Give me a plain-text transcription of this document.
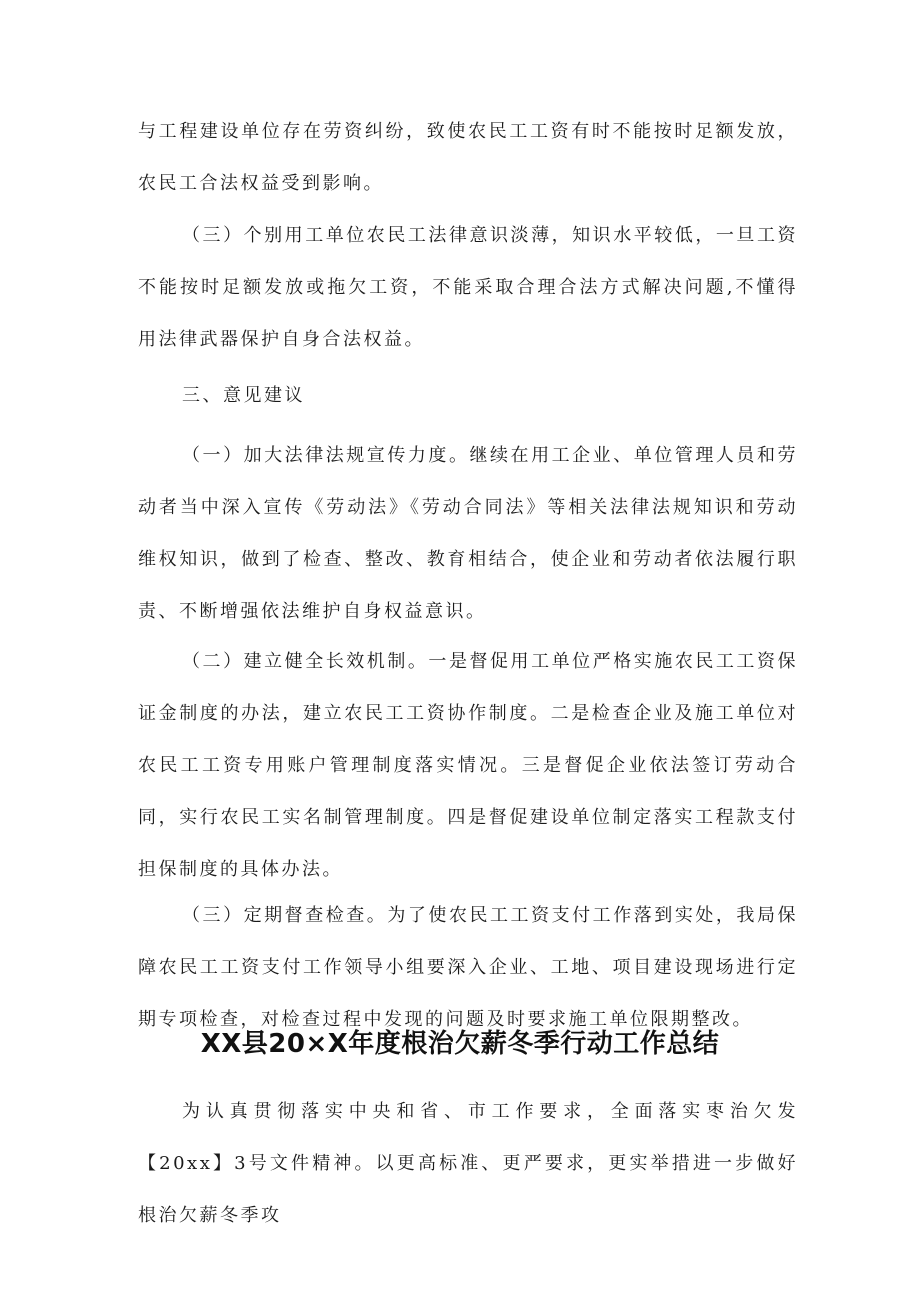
与工程建设单位存在劳资纠纷，致使农民工工资有时不能按时足额发放，农民工合法权益受到影响。

（三）个别用工单位农民工法律意识淡薄，知识水平较低，一旦工资不能按时足额发放或拖欠工资，不能采取合理合法方式解决问题,不懂得用法律武器保护自身合法权益。

三、意见建议

（一）加大法律法规宣传力度。继续在用工企业、单位管理人员和劳动者当中深入宣传《劳动法》《劳动合同法》等相关法律法规知识和劳动维权知识，做到了检查、整改、教育相结合，使企业和劳动者依法履行职责、不断增强依法维护自身权益意识。

（二）建立健全长效机制。一是督促用工单位严格实施农民工工资保证金制度的办法，建立农民工工资协作制度。二是检查企业及施工单位对农民工工资专用账户管理制度落实情况。三是督促企业依法签订劳动合同，实行农民工实名制管理制度。四是督促建设单位制定落实工程款支付担保制度的具体办法。

（三）定期督查检查。为了使农民工工资支付工作落到实处，我局保障农民工工资支付工作领导小组要深入企业、工地、项目建设现场进行定期专项检查，对检查过程中发现的问题及时要求施工单位限期整改。

XX县20×X年度根治欠薪冬季行动工作总结

为认真贯彻落实中央和省、市工作要求，全面落实枣治欠发【20xx】3号文件精神。以更高标准、更严要求，更实举措进一步做好根治欠薪冬季攻
